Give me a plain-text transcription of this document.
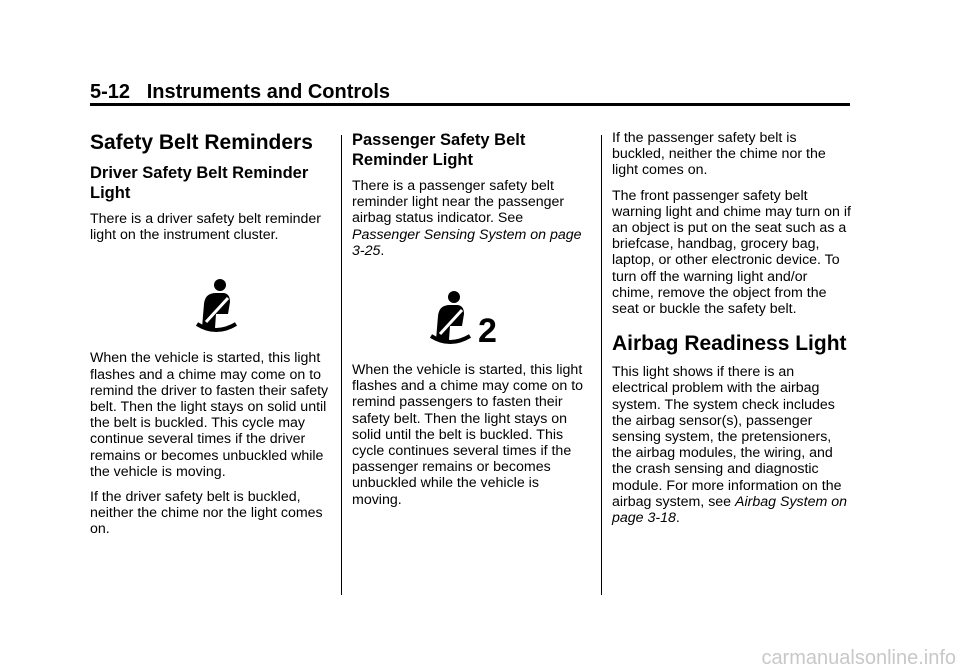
5-12 Instruments and Controls
Safety Belt Reminders
Driver Safety Belt Reminder Light

There is a driver safety belt reminder light on the instrument cluster.

When the vehicle is started, this light flashes and a chime may come on to remind the driver to fasten their safety belt. Then the light stays on solid until the belt is buckled. This cycle may continue several times if the driver remains or becomes unbuckled while the vehicle is moving.

If the driver safety belt is buckled, neither the chime nor the light comes on.

Passenger Safety Belt Reminder Light

There is a passenger safety belt reminder light near the passenger airbag status indicator. See
Passenger Sensing System on page 3-25.

2

When the vehicle is started, this light flashes and a chime may come on to remind passengers to fasten their safety belt. Then the light stays on solid until the belt is buckled. This cycle continues several times if the passenger remains or becomes unbuckled while the vehicle is moving.

If the passenger safety belt is buckled, neither the chime nor the light comes on.

The front passenger safety belt warning light and chime may turn on if an object is put on the seat such as a briefcase, handbag, grocery bag, laptop, or other electronic device. To turn off the warning light and/or chime, remove the object from the seat or buckle the safety belt.

Airbag Readiness Light

This light shows if there is an electrical problem with the airbag system. The system check includes the airbag sensor(s), passenger sensing system, the pretensioners, the airbag modules, the wiring, and the crash sensing and diagnostic module. For more information on the airbag system, see Airbag System on page 3-18.

carmanualsonline.info
